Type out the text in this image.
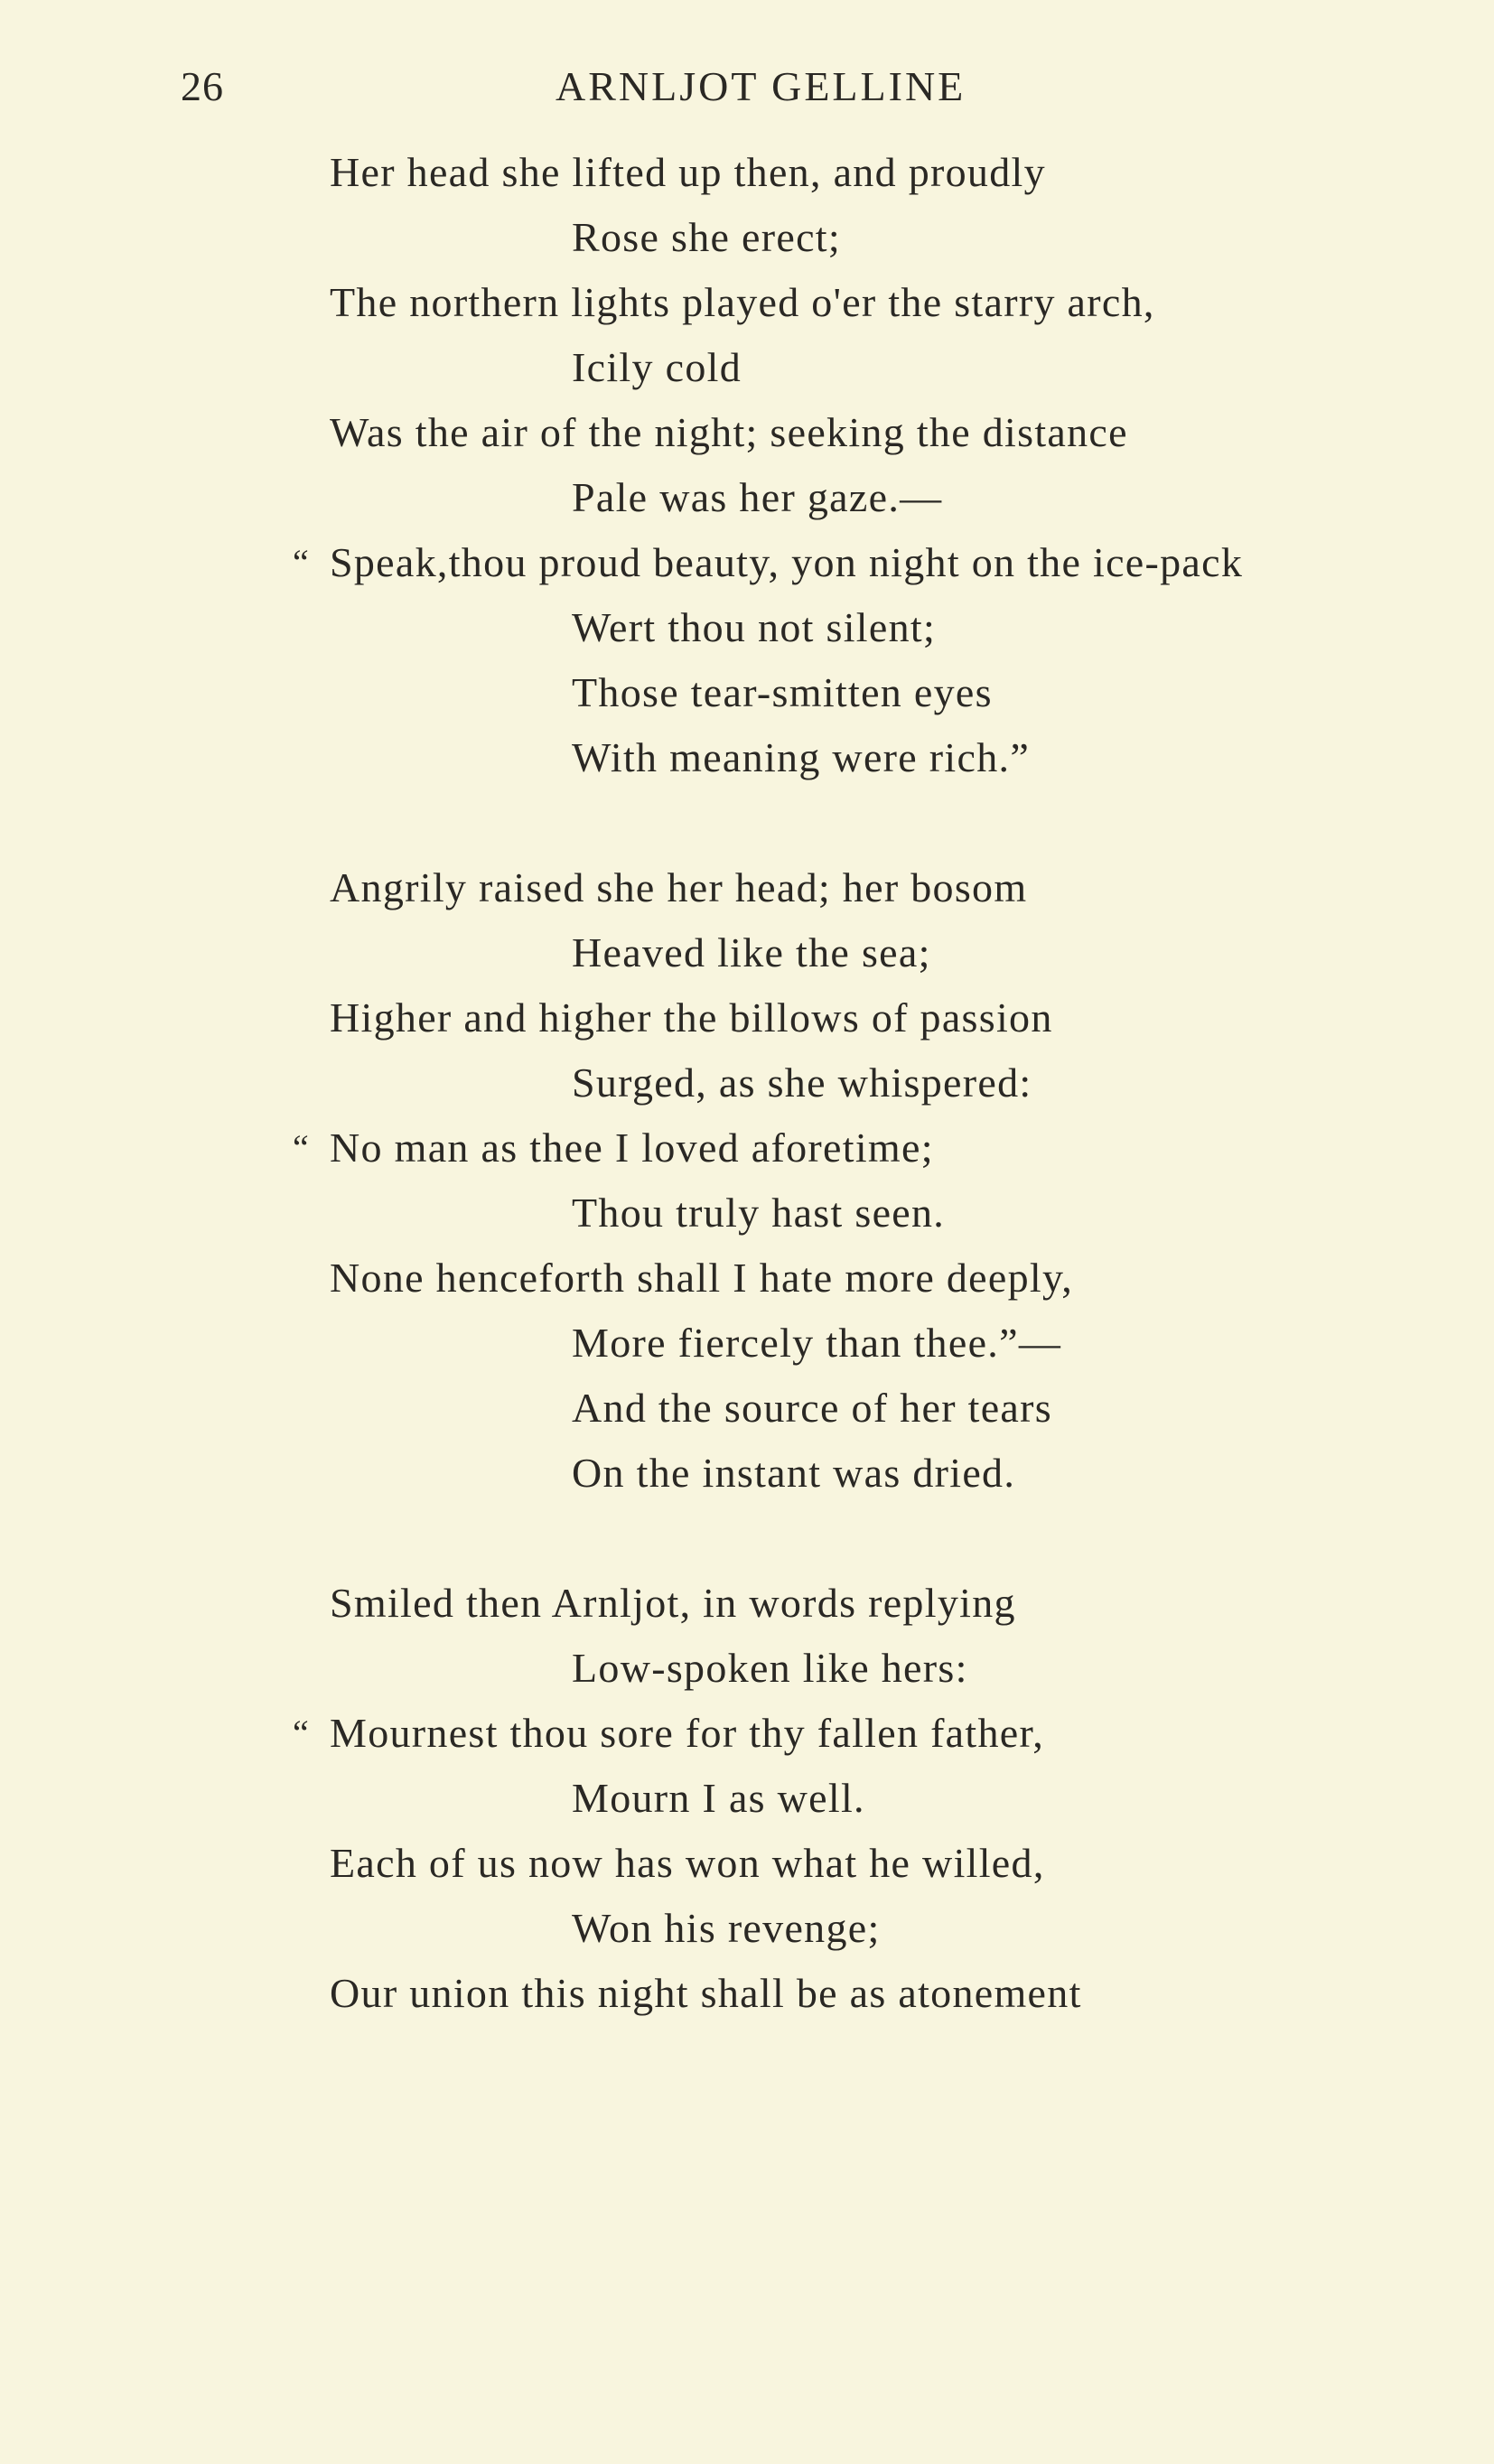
26	ARNLJOT GELLINE
Her head she lifted up then, and proudly
Rose she erect;
The northern lights played o'er the starry arch,
Icily cold
Was the air of the night; seeking the distance
Pale was her gaze.—
“ Speak,thou proud beauty, yon night on the ice-pack
Wert thou not silent;
Those tear-smitten eyes
With meaning were rich.”
Angrily raised she her head; her bosom
Heaved like the sea;
Higher and higher the billows of passion
Surged, as she whispered:
“ No man as thee I loved aforetime;
Thou truly hast seen.
None henceforth shall I hate more deeply,
More fiercely than thee.”—
And the source of her tears
On the instant was dried.
Smiled then Arnljot, in words replying
Low-spoken like hers:
“ Mournest thou sore for thy fallen father,
Mourn I as well.
Each of us now has won what he willed,
Won his revenge;
Our union this night shall be as atonement
